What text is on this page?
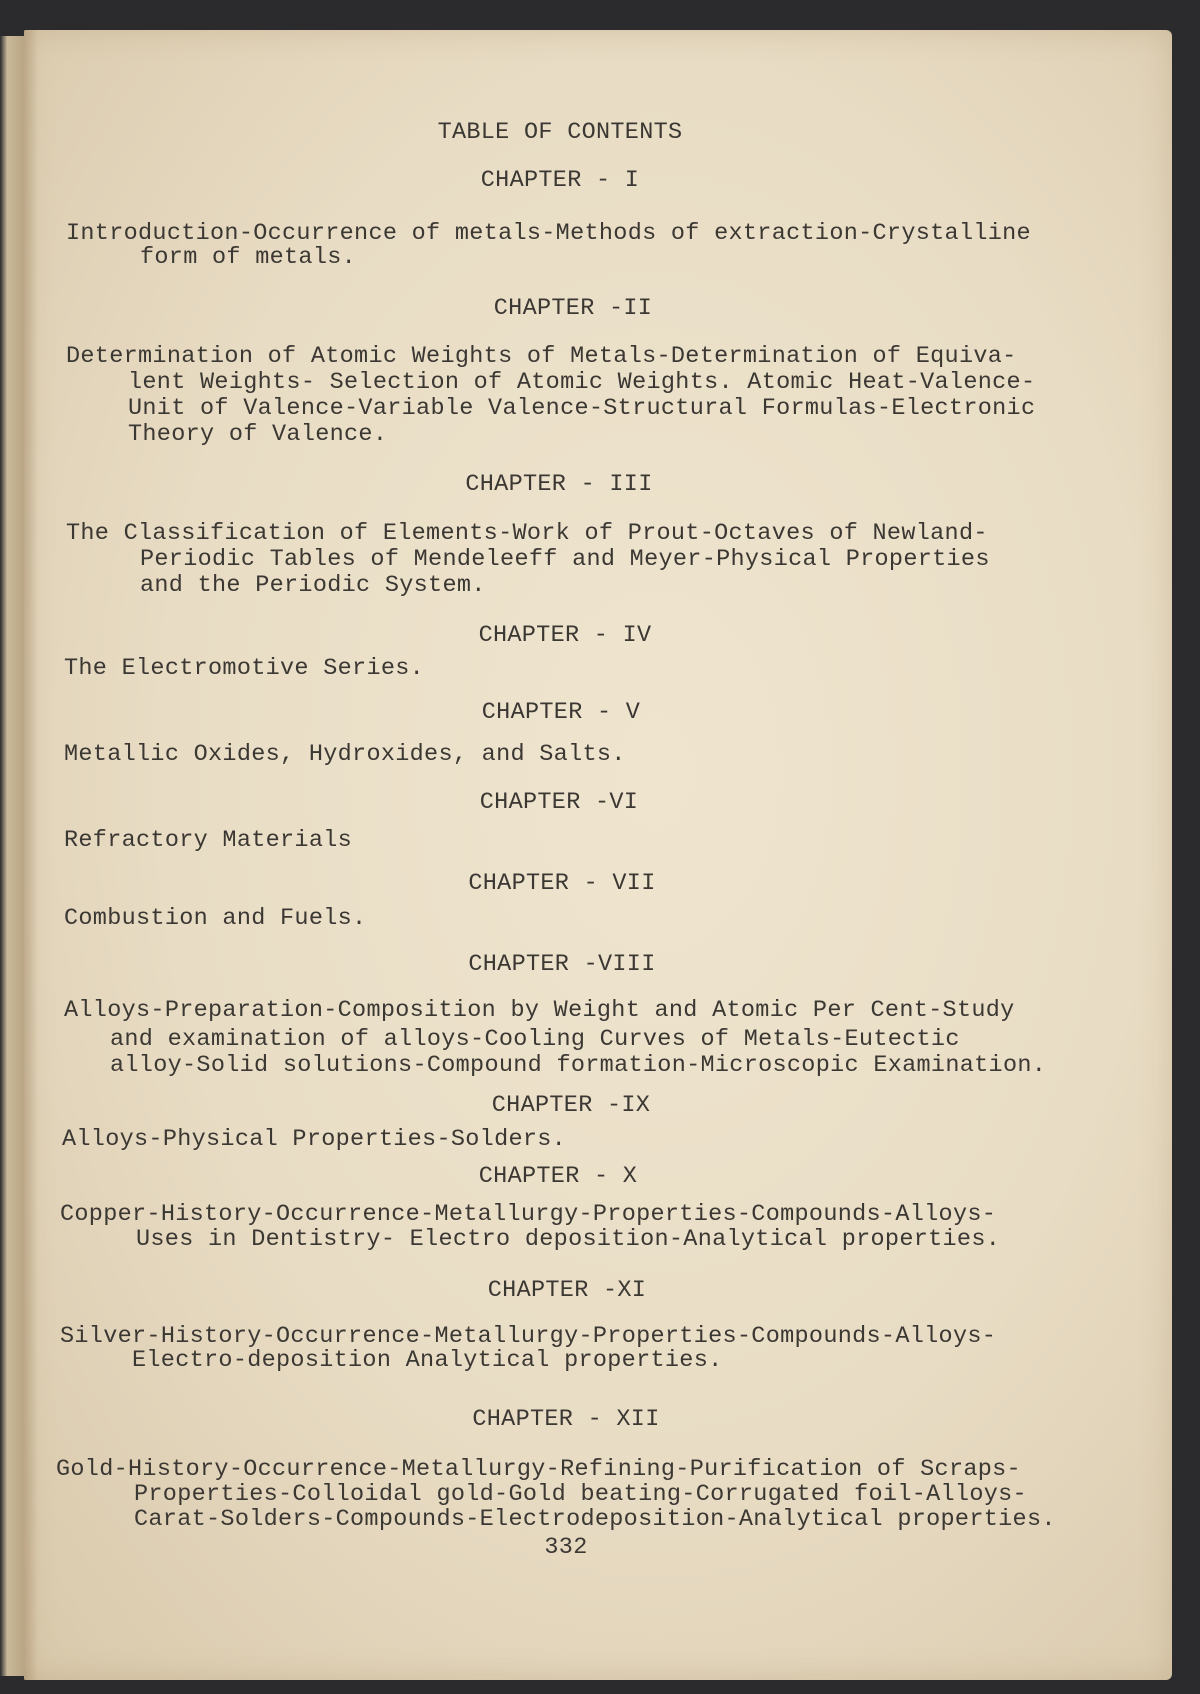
TABLE OF CONTENTS
CHAPTER - I
Introduction-Occurrence of metals-Methods of extraction-Crystalline
form of metals.
CHAPTER -II
Determination of Atomic Weights of Metals-Determination of Equiva-
lent Weights- Selection of Atomic Weights. Atomic Heat-Valence-
Unit of Valence-Variable Valence-Structural Formulas-Electronic
Theory of Valence.
CHAPTER - III
The Classification of Elements-Work of Prout-Octaves of Newland-
Periodic Tables of Mendeleeff and Meyer-Physical Properties
and the Periodic System.
CHAPTER - IV
The Electromotive Series.
CHAPTER - V
Metallic Oxides, Hydroxides, and Salts.
CHAPTER -VI
Refractory Materials
CHAPTER - VII
Combustion and Fuels.
CHAPTER -VIII
Alloys-Preparation-Composition by Weight and Atomic Per Cent-Study
and examination of alloys-Cooling Curves of Metals-Eutectic
alloy-Solid solutions-Compound formation-Microscopic Examination.
CHAPTER -IX
Alloys-Physical Properties-Solders.
CHAPTER - X
Copper-History-Occurrence-Metallurgy-Properties-Compounds-Alloys-
Uses in Dentistry- Electro deposition-Analytical properties.
CHAPTER -XI
Silver-History-Occurrence-Metallurgy-Properties-Compounds-Alloys-
Electro-deposition Analytical properties.
CHAPTER - XII
Gold-History-Occurrence-Metallurgy-Refining-Purification of Scraps-
Properties-Colloidal gold-Gold beating-Corrugated foil-Alloys-
Carat-Solders-Compounds-Electrodeposition-Analytical properties.
332
